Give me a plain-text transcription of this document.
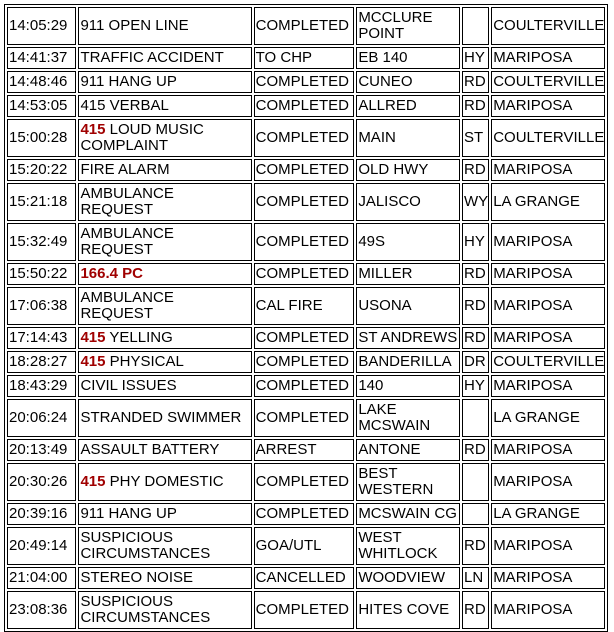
14:05:29	911 OPEN LINE	COMPLETED	MCCLURE POINT		COULTERVILLE
14:41:37	TRAFFIC ACCIDENT	TO CHP	EB 140	HY	MARIPOSA
14:48:46	911 HANG UP	COMPLETED	CUNEO	RD	COULTERVILLE
14:53:05	415 VERBAL	COMPLETED	ALLRED	RD	MARIPOSA
15:00:28	415 LOUD MUSIC COMPLAINT	COMPLETED	MAIN	ST	COULTERVILLE
15:20:22	FIRE ALARM	COMPLETED	OLD HWY	RD	MARIPOSA
15:21:18	AMBULANCE REQUEST	COMPLETED	JALISCO	WY	LA GRANGE
15:32:49	AMBULANCE REQUEST	COMPLETED	49S	HY	MARIPOSA
15:50:22	166.4 PC	COMPLETED	MILLER	RD	MARIPOSA
17:06:38	AMBULANCE REQUEST	CAL FIRE	USONA	RD	MARIPOSA
17:14:43	415 YELLING	COMPLETED	ST ANDREWS	RD	MARIPOSA
18:28:27	415 PHYSICAL	COMPLETED	BANDERILLA	DR	COULTERVILLE
18:43:29	CIVIL ISSUES	COMPLETED	140	HY	MARIPOSA
20:06:24	STRANDED SWIMMER	COMPLETED	LAKE MCSWAIN		LA GRANGE
20:13:49	ASSAULT BATTERY	ARREST	ANTONE	RD	MARIPOSA
20:30:26	415 PHY DOMESTIC	COMPLETED	BEST WESTERN		MARIPOSA
20:39:16	911 HANG UP	COMPLETED	MCSWAIN CG		LA GRANGE
20:49:14	SUSPICIOUS CIRCUMSTANCES	GOA/UTL	WEST WHITLOCK	RD	MARIPOSA
21:04:00	STEREO NOISE	CANCELLED	WOODVIEW	LN	MARIPOSA
23:08:36	SUSPICIOUS CIRCUMSTANCES	COMPLETED	HITES COVE	RD	MARIPOSA
